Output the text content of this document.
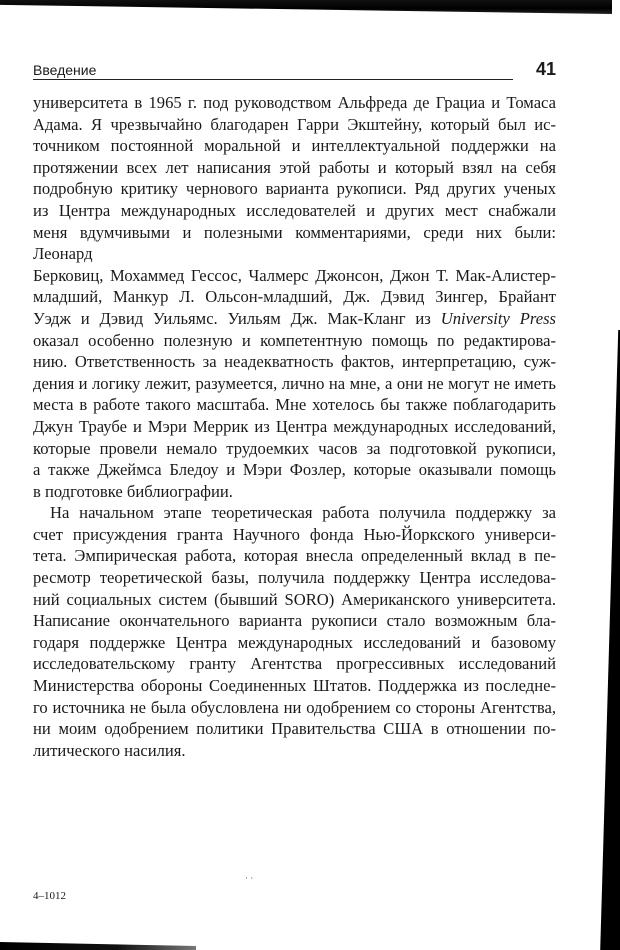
Введение	41

университета в 1965 г. под руководством Альфреда де Грациа и Томаса
Адама. Я чрезвычайно благодарен Гарри Экштейну, который был ис-
точником постоянной моральной и интеллектуальной поддержки на
протяжении всех лет написания этой работы и который взял на себя
подробную критику чернового варианта рукописи. Ряд других ученых
из Центра международных исследователей и других мест снабжали
меня вдумчивыми и полезными комментариями, среди них были: Леонард
Берковиц, Мохаммед Гессос, Чалмерс Джонсон, Джон Т. Мак-Алистер-
младший, Манкур Л. Ольсон-младший, Дж. Дэвид Зингер, Брайант
Уэдж и Дэвид Уильямс. Уильям Дж. Мак-Кланг из University Press
оказал особенно полезную и компетентную помощь по редактирова-
нию. Ответственность за неадекватность фактов, интерпретацию, суж-
дения и логику лежит, разумеется, лично на мне, а они не могут не иметь
места в работе такого масштаба. Мне хотелось бы также поблагодарить
Джун Траубе и Мэри Меррик из Центра международных исследований,
которые провели немало трудоемких часов за подготовкой рукописи,
а также Джеймса Бледоу и Мэри Фозлер, которые оказывали помощь
в подготовке библиографии.

На начальном этапе теоретическая работа получила поддержку за
счет присуждения гранта Научного фонда Нью-Йоркского универси-
тета. Эмпирическая работа, которая внесла определенный вклад в пе-
ресмотр теоретической базы, получила поддержку Центра исследова-
ний социальных систем (бывший SORO) Американского университета.
Написание окончательного варианта рукописи стало возможным бла-
годаря поддержке Центра международных исследований и базовому
исследовательскому гранту Агентства прогрессивных исследований
Министерства обороны Соединенных Штатов. Поддержка из последне-
го источника не была обусловлена ни одобрением со стороны Агентства,
ни моим одобрением политики Правительства США в отношении по-
литического насилия.

· ·
4–1012
